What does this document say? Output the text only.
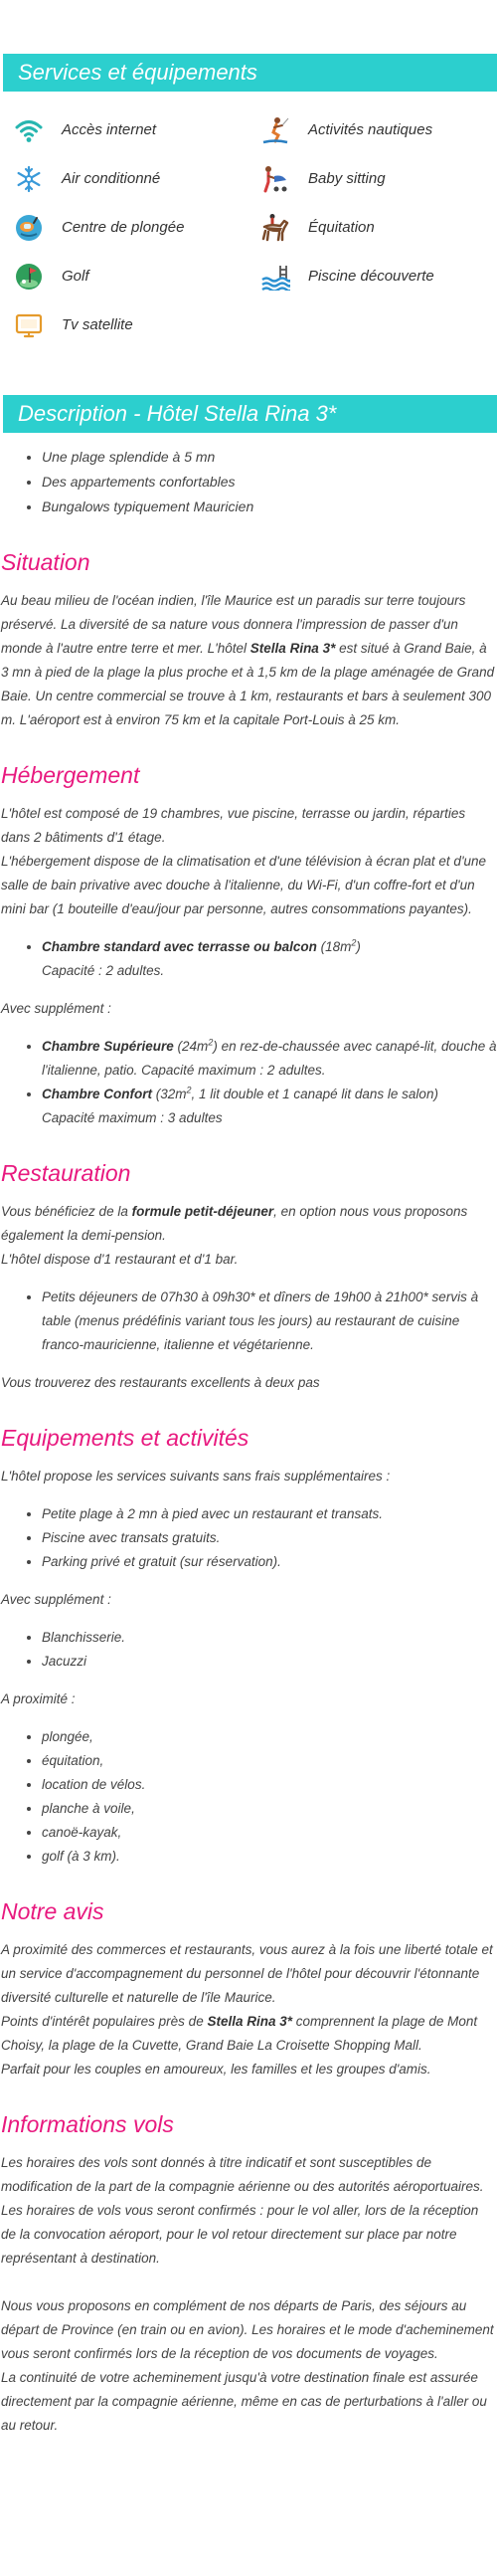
Services et équipements
Accès internet	Activités nautiques
Air conditionné	Baby sitting
Centre de plongée	Équitation
Golf	Piscine découverte
Tv satellite
Description - Hôtel Stella Rina 3*
• Une plage splendide à 5 mn
• Des appartements confortables
• Bungalows typiquement Mauricien
Situation

Au beau milieu de l'océan indien, l'île Maurice est un paradis sur terre toujours préservé. La diversité de sa nature vous donnera l'impression de passer d'un monde à l'autre entre terre et mer. L'hôtel Stella Rina 3* est situé à Grand Baie, à 3 mn à pied de la plage la plus proche et à 1,5 km de la plage aménagée de Grand Baie. Un centre commercial se trouve à 1 km, restaurants et bars à seulement 300 m. L'aéroport est à environ 75 km et la capitale Port-Louis à 25 km.

Hébergement

L'hôtel est composé de 19 chambres, vue piscine, terrasse ou jardin, réparties dans 2 bâtiments d'1 étage.

L'hébergement dispose de la climatisation et d'une télévision à écran plat et d'une salle de bain privative avec douche à l'italienne, du Wi-Fi, d'un coffre-fort et d'un mini bar (1 bouteille d'eau/jour par personne, autres consommations payantes).

• Chambre standard avec terrasse ou balcon $(18m^2)$
Capacité : 2 adultes.

Avec supplément :

• Chambre Supérieure $(24m^2)$ en rez-de-chaussée avec canapé-lit, douche à l'italienne, patio. Capacité maximum : 2 adultes.
• Chambre Confort ($32m^2$, 1 lit double et 1 canapé lit dans le salon)
Capacité maximum : 3 adultes
Restauration

Vous bénéficiez de la formule petit-déjeuner, en option nous vous proposons également la demi-pension.

L'hôtel dispose d'1 restaurant et d'1 bar.

• Petits déjeuners de 07h30 à 09h30* et dîners de 19h00 à 21h00* servis à table (menus prédéfinis variant tous les jours) au restaurant de cuisine franco-mauricienne, italienne et végétarienne.

Vous trouverez des restaurants excellents à deux pas

Equipements et activités

L'hôtel propose les services suivants sans frais supplémentaires :

• Petite plage à 2 mn à pied avec un restaurant et transats.
• Piscine avec transats gratuits.
• Parking privé et gratuit (sur réservation).

Avec supplément :

• Blanchisserie.
• Jacuzzi

A proximité :

• plongée,
• équitation,
• location de vélos.
• planche à voile,
• canoë-kayak,
• golf (à 3 km).
Notre avis

A proximité des commerces et restaurants, vous aurez à la fois une liberté totale et un service d'accompagnement du personnel de l'hôtel pour découvrir l'étonnante diversité culturelle et naturelle de l'île Maurice.

Points d'intérêt populaires près de Stella Rina 3* comprennent la plage de Mont Choisy, la plage de la Cuvette, Grand Baie La Croisette Shopping Mall.

Parfait pour les couples en amoureux, les familles et les groupes d'amis.

Informations vols

Les horaires des vols sont donnés à titre indicatif et sont susceptibles de modification de la part de la compagnie aérienne ou des autorités aéroportuaires.

Les horaires de vols vous seront confirmés : pour le vol aller, lors de la réception de la convocation aéroport, pour le vol retour directement sur place par notre représentant à destination.

Nous vous proposons en complément de nos départs de Paris, des séjours au départ de Province (en train ou en avion). Les horaires et le mode d'acheminement vous seront confirmés lors de la réception de vos documents de voyages.

La continuité de votre acheminement jusqu'à votre destination finale est assurée directement par la compagnie aérienne, même en cas de perturbations à l'aller ou au retour.
